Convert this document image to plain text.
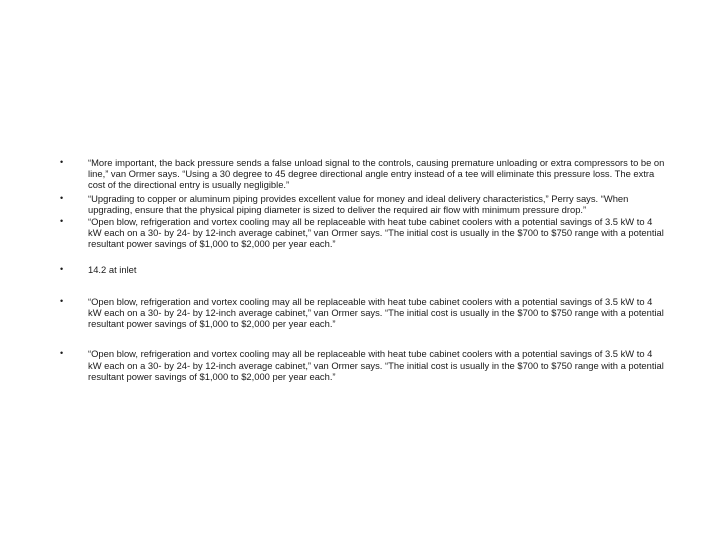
•	“More important, the back pressure sends a false unload signal to the controls, causing premature unloading or extra compressors to be on line,” van Ormer says. “Using a 30 degree to 45 degree directional angle entry instead of a tee will eliminate this pressure loss. The extra cost of the directional entry is usually negligible.”
•	“Upgrading to copper or aluminum piping provides excellent value for money and ideal delivery characteristics,” Perry says. “When upgrading, ensure that the physical piping diameter is sized to deliver the required air flow with minimum pressure drop.”
•	“Open blow, refrigeration and vortex cooling may all be replaceable with heat tube cabinet coolers with a potential savings of 3.5 kW to 4 kW each on a 30- by 24- by 12-inch average cabinet,” van Ormer says. “The initial cost is usually in the $700 to $750 range with a potential resultant power savings of $1,000 to $2,000 per year each.”
•	14.2 at inlet
•	“Open blow, refrigeration and vortex cooling may all be replaceable with heat tube cabinet coolers with a potential savings of 3.5 kW to 4 kW each on a 30- by 24- by 12-inch average cabinet,” van Ormer says. “The initial cost is usually in the $700 to $750 range with a potential resultant power savings of $1,000 to $2,000 per year each.”
•	“Open blow, refrigeration and vortex cooling may all be replaceable with heat tube cabinet coolers with a potential savings of 3.5 kW to 4 kW each on a 30- by 24- by 12-inch average cabinet,” van Ormer says. “The initial cost is usually in the $700 to $750 range with a potential resultant power savings of $1,000 to $2,000 per year each.”
